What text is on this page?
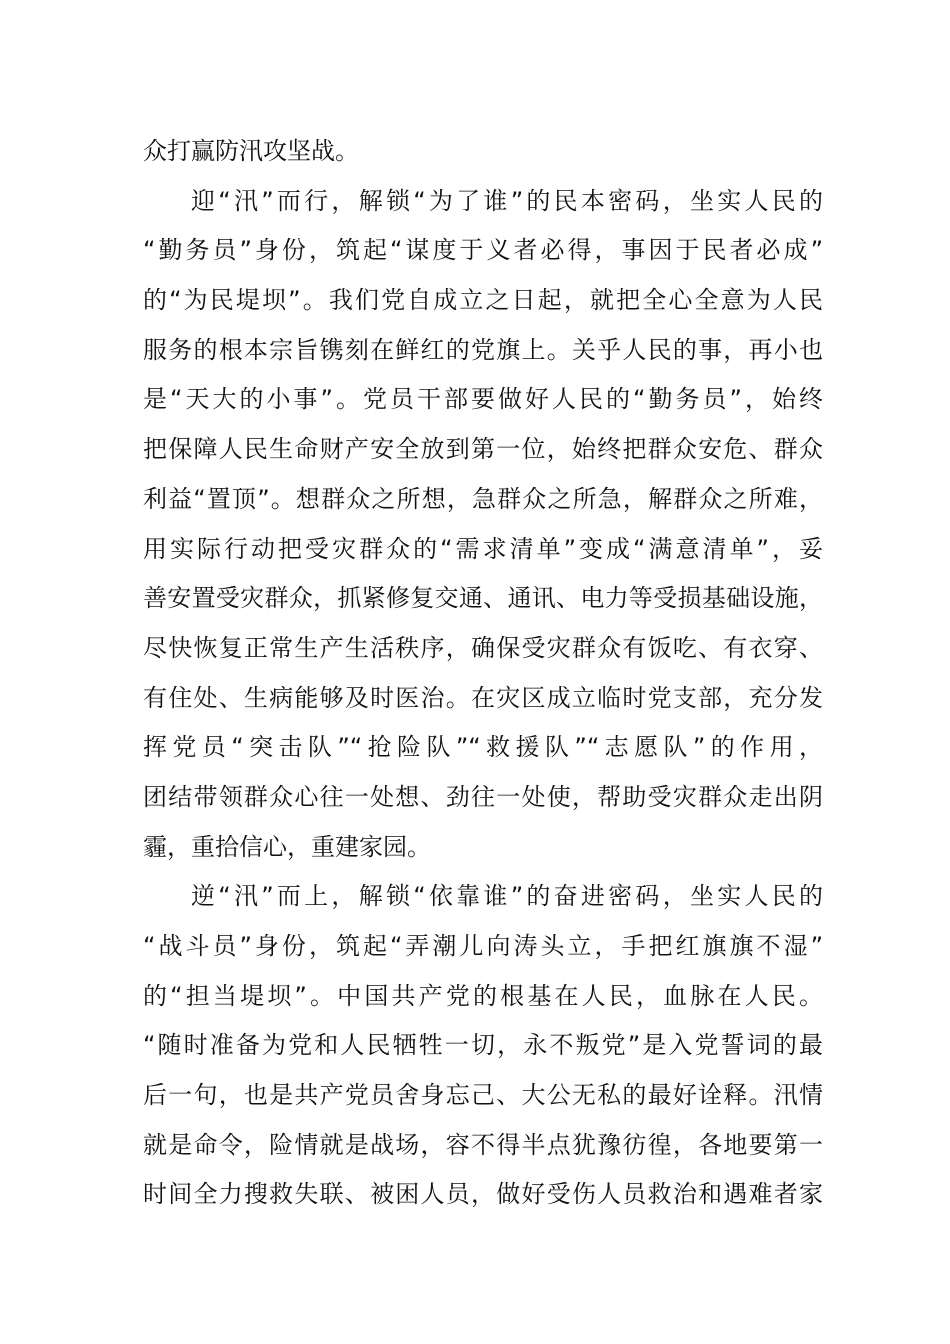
众打赢防汛攻坚战。
迎“汛”而行，解锁“为了谁”的民本密码，坐实人民的
“勤务员”身份，筑起“谋度于义者必得，事因于民者必成”
的“为民堤坝”。我们党自成立之日起，就把全心全意为人民
服务的根本宗旨镌刻在鲜红的党旗上。关乎人民的事，再小也
是“天大的小事”。党员干部要做好人民的“勤务员”，始终
把保障人民生命财产安全放到第一位，始终把群众安危、群众
利益“置顶”。想群众之所想，急群众之所急，解群众之所难，
用实际行动把受灾群众的“需求清单”变成“满意清单”，妥
善安置受灾群众，抓紧修复交通、通讯、电力等受损基础设施，
尽快恢复正常生产生活秩序，确保受灾群众有饭吃、有衣穿、
有住处、生病能够及时医治。在灾区成立临时党支部，充分发
挥党员“突击队”“抢险队”“救援队”“志愿队”的作用，
团结带领群众心往一处想、劲往一处使，帮助受灾群众走出阴
霾，重拾信心，重建家园。
逆“汛”而上，解锁“依靠谁”的奋进密码，坐实人民的
“战斗员”身份，筑起“弄潮儿向涛头立，手把红旗旗不湿”
的“担当堤坝”。中国共产党的根基在人民，血脉在人民。
“随时准备为党和人民牺牲一切，永不叛党”是入党誓词的最
后一句，也是共产党员舍身忘己、大公无私的最好诠释。汛情
就是命令，险情就是战场，容不得半点犹豫彷徨，各地要第一
时间全力搜救失联、被困人员，做好受伤人员救治和遇难者家
